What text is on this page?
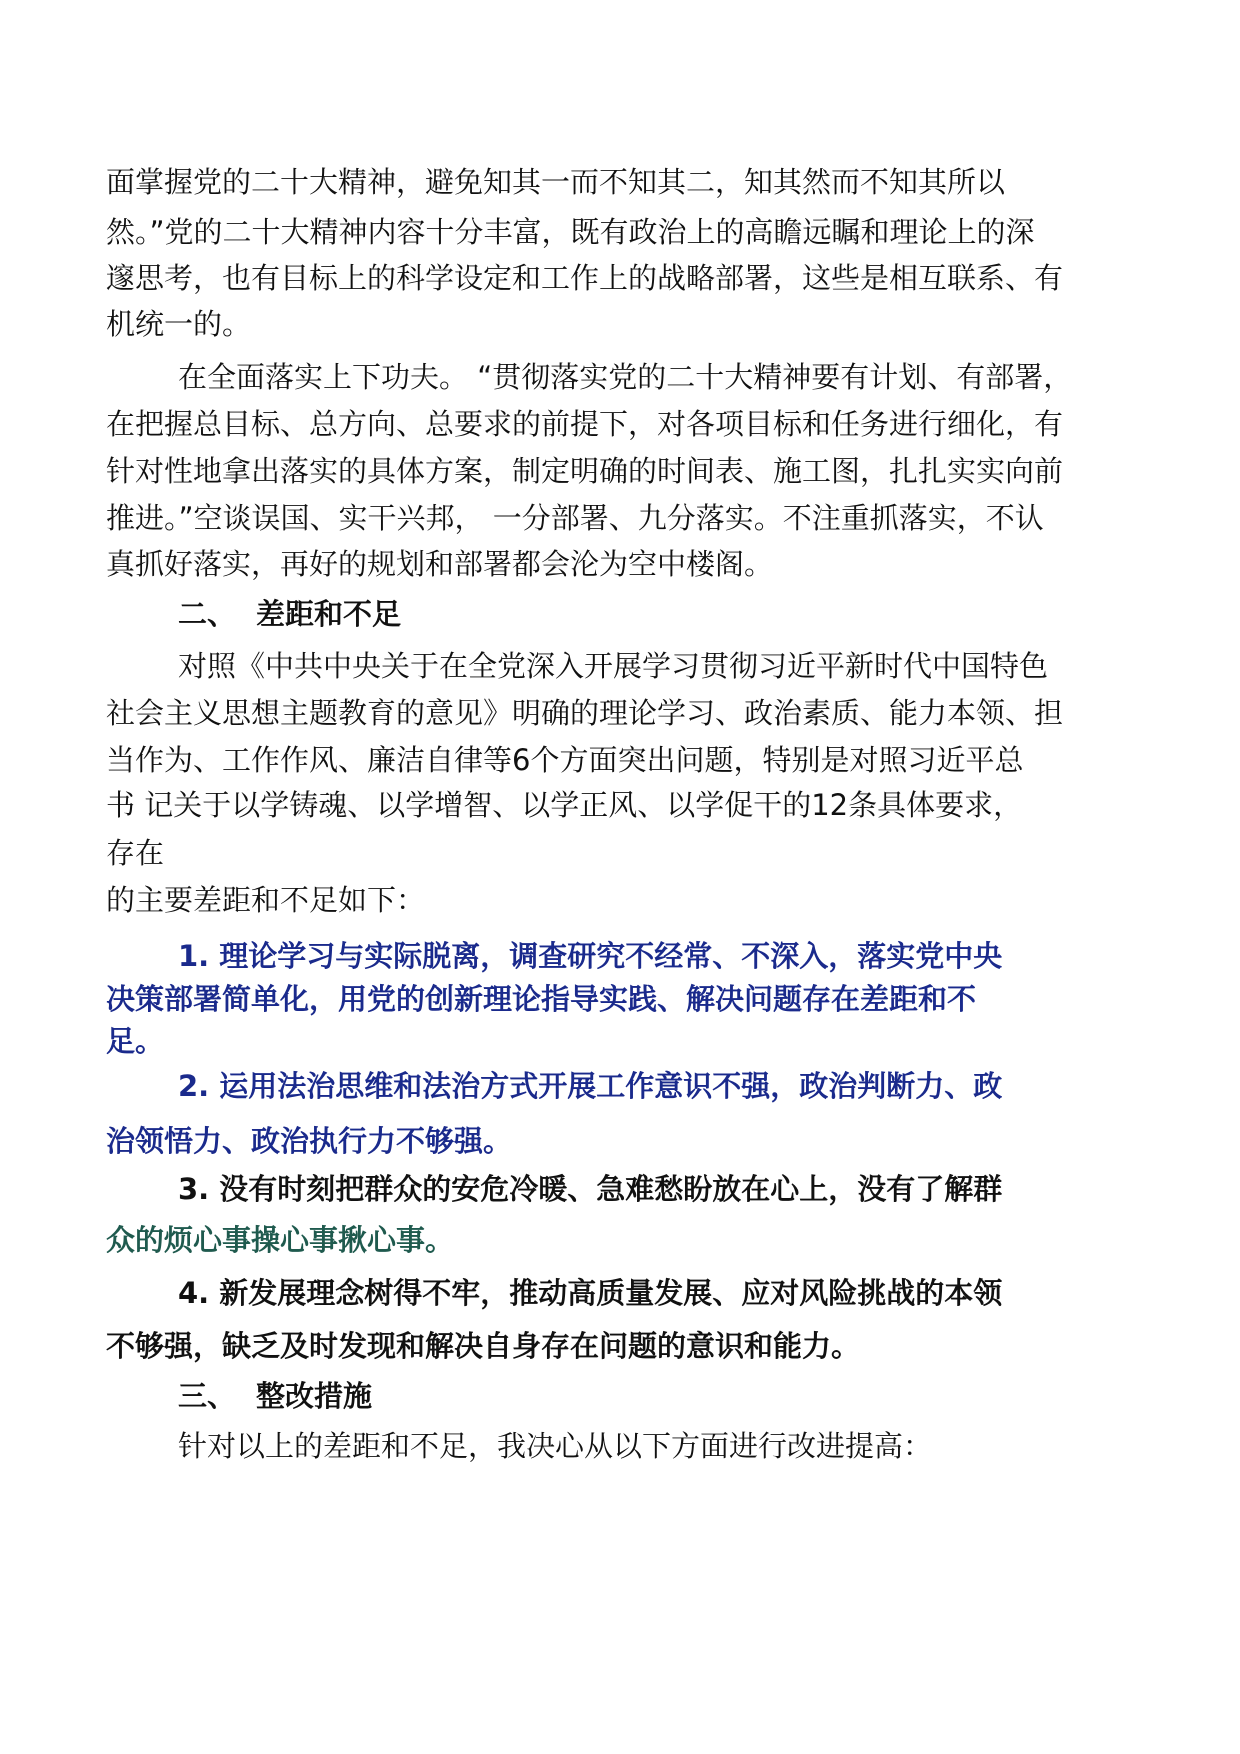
面掌握党的二十大精神，避免知其一而不知其二，知其然而不知其所以
然。”党的二十大精神内容十分丰富，既有政治上的高瞻远瞩和理论上的深
邃思考，也有目标上的科学设定和工作上的战略部署，这些是相互联系、有
机统一的。
在全面落实上下功夫。 “贯彻落实党的二十大精神要有计划、有部署，
在把握总目标、总方向、总要求的前提下，对各项目标和任务进行细化，有
针对性地拿出落实的具体方案，制定明确的时间表、施工图，扎扎实实向前
推进。”空谈误国、实干兴邦， 一分部署、九分落实。不注重抓落实，不认
真抓好落实，再好的规划和部署都会沦为空中楼阁。
二、 差距和不足
对照《中共中央关于在全党深入开展学习贯彻习近平新时代中国特色
社会主义思想主题教育的意见》明确的理论学习、政治素质、能力本领、担
当作为、工作作风、廉洁自律等6个方面突出问题，特别是对照习近平总
书 记关于以学铸魂、以学增智、以学正风、以学促干的12条具体要求，
存在
的主要差距和不足如下：
1. 理论学习与实际脱离，调查研究不经常、不深入，落实党中央
决策部署简单化，用党的创新理论指导实践、解决问题存在差距和不
足。
2. 运用法治思维和法治方式开展工作意识不强，政治判断力、政
治领悟力、政治执行力不够强。
3. 没有时刻把群众的安危冷暖、急难愁盼放在心上，没有了解群
众的烦心事操心事揪心事。
4. 新发展理念树得不牢，推动高质量发展、应对风险挑战的本领
不够强，缺乏及时发现和解决自身存在问题的意识和能力。
三、 整改措施
针对以上的差距和不足，我决心从以下方面进行改进提高：
